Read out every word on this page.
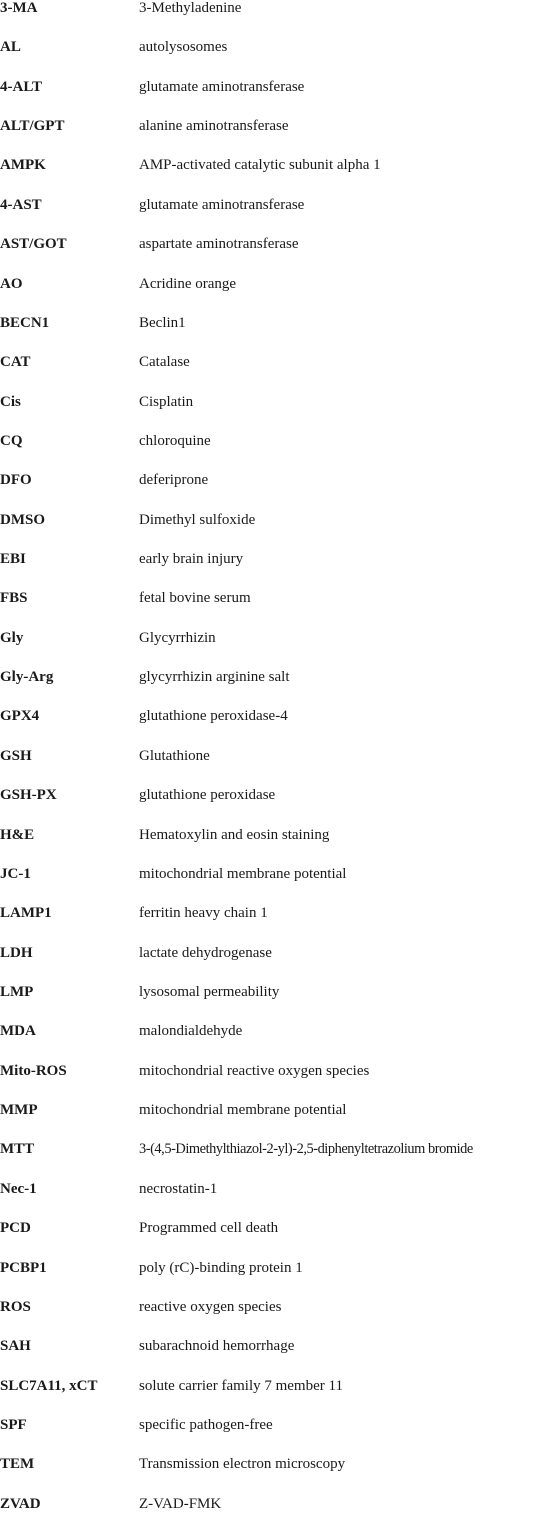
3-MA	3-Methyladenine
AL	autolysosomes
4-ALT	glutamate aminotransferase
ALT/GPT	alanine aminotransferase
AMPK	AMP-activated catalytic subunit alpha 1
4-AST	glutamate aminotransferase
AST/GOT	aspartate aminotransferase
AO	Acridine orange
BECN1	Beclin1
CAT	Catalase
Cis	Cisplatin
CQ	chloroquine
DFO	deferiprone
DMSO	Dimethyl sulfoxide
EBI	early brain injury
FBS	fetal bovine serum
Gly	Glycyrrhizin
Gly-Arg	glycyrrhizin arginine salt
GPX4	glutathione peroxidase-4
GSH	Glutathione
GSH-PX	glutathione peroxidase
H&E	Hematoxylin and eosin staining
JC-1	mitochondrial membrane potential
LAMP1	ferritin heavy chain 1
LDH	lactate dehydrogenase
LMP	lysosomal permeability
MDA	malondialdehyde
Mito-ROS	mitochondrial reactive oxygen species
MMP	mitochondrial membrane potential
MTT	3-(4,5-Dimethylthiazol-2-yl)-2,5-diphenyltetrazolium bromide
Nec-1	necrostatin-1
PCD	Programmed cell death
PCBP1	poly (rC)-binding protein 1
ROS	reactive oxygen species
SAH	subarachnoid hemorrhage
SLC7A11, xCT	solute carrier family 7 member 11
SPF	specific pathogen-free
TEM	Transmission electron microscopy
ZVAD	Z-VAD-FMK
